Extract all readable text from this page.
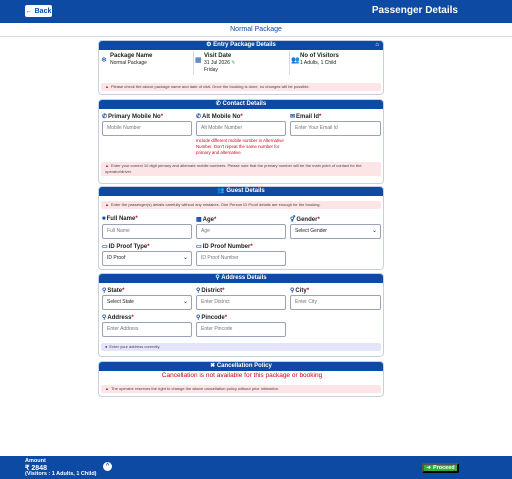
← Back	Passenger Details
Normal Package
⚙ Entry Package Details	⌂
❄
Package Name
Normal Package	▦
Visit Date
31 Jul 2026 ✎
Friday
👥
No of Visitors
1 Adults, 1 Child
▲ Please check the above package name and date of visit. Once the booking is done, no changes will be possible.
✆ Contact Details
✆Primary Mobile No*
Mobile Number
✆Alt Mobile No*
Alt Mobile Number
Include different mobile number in Alternative Number. Don't repeat the same number for primary and alternative.
✉Email Id*
Enter Your Email Id
▲ Enter your correct 10 digit primary and alternate mobile numbers. Please note that the primary number will be the main point of contact for the operator/driver.
👥 Guest Details
▲ Enter the passenger(s) details carefully without any mistakes. One Person ID Proof details are enough for the booking.
■Full Name*
Full Name
▦Age*
Age
⚥Gender*
Select Gender	⌄
▭ID Proof Type*
ID Proof	⌄
▭ID Proof Number*
ID Proof Number
⚲ Address Details
⚲State*
Select State	⌄
⚲District*
Enter District
⚲City*
Enter City
⚲Address*
Enter Address
⚲Pincode*
Enter Pincode
● Enter your address correctly.
✖ Cancellation Policy
Cancellation is not available for this package or booking
▲ The operator reserves the right to change the above cancellation policy without prior intimation.
Amount
₹ 2848
(Visitors : 1 Adults, 1 Child)
^	➜ Proceed
